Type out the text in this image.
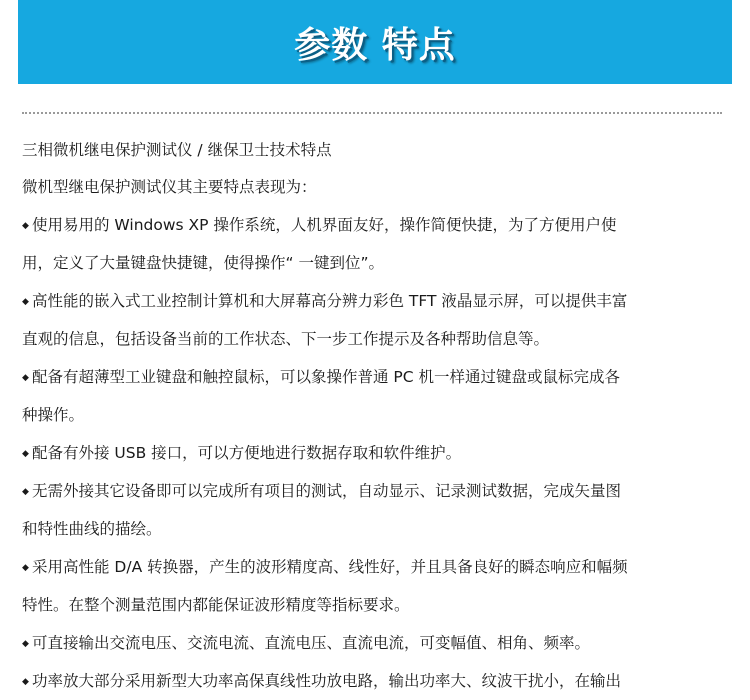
参数 特点
三相微机继电保护测试仪 / 继保卫士技术特点
微机型继电保护测试仪其主要特点表现为：
◆ 使用易用的 Windows XP 操作系统，人机界面友好，操作简便快捷，为了方便用户使
用，定义了大量键盘快捷键，使得操作“ 一键到位”。
◆ 高性能的嵌入式工业控制计算机和大屏幕高分辨力彩色 TFT 液晶显示屏，可以提供丰富
直观的信息，包括设备当前的工作状态、下一步工作提示及各种帮助信息等。
◆ 配备有超薄型工业键盘和触控鼠标，可以象操作普通 PC 机一样通过键盘或鼠标完成各
种操作。
◆ 配备有外接 USB 接口，可以方便地进行数据存取和软件维护。
◆ 无需外接其它设备即可以完成所有项目的测试，自动显示、记录测试数据，完成矢量图
和特性曲线的描绘。
◆ 采用高性能 D/A 转换器，产生的波形精度高、线性好，并且具备良好的瞬态响应和幅频
特性。在整个测量范围内都能保证波形精度等指标要求。
◆ 可直接输出交流电压、交流电流、直流电压、直流电流，可变幅值、相角、频率。
◆ 功率放大部分采用新型大功率高保真线性功放电路，输出功率大、纹波干扰小，在输出
